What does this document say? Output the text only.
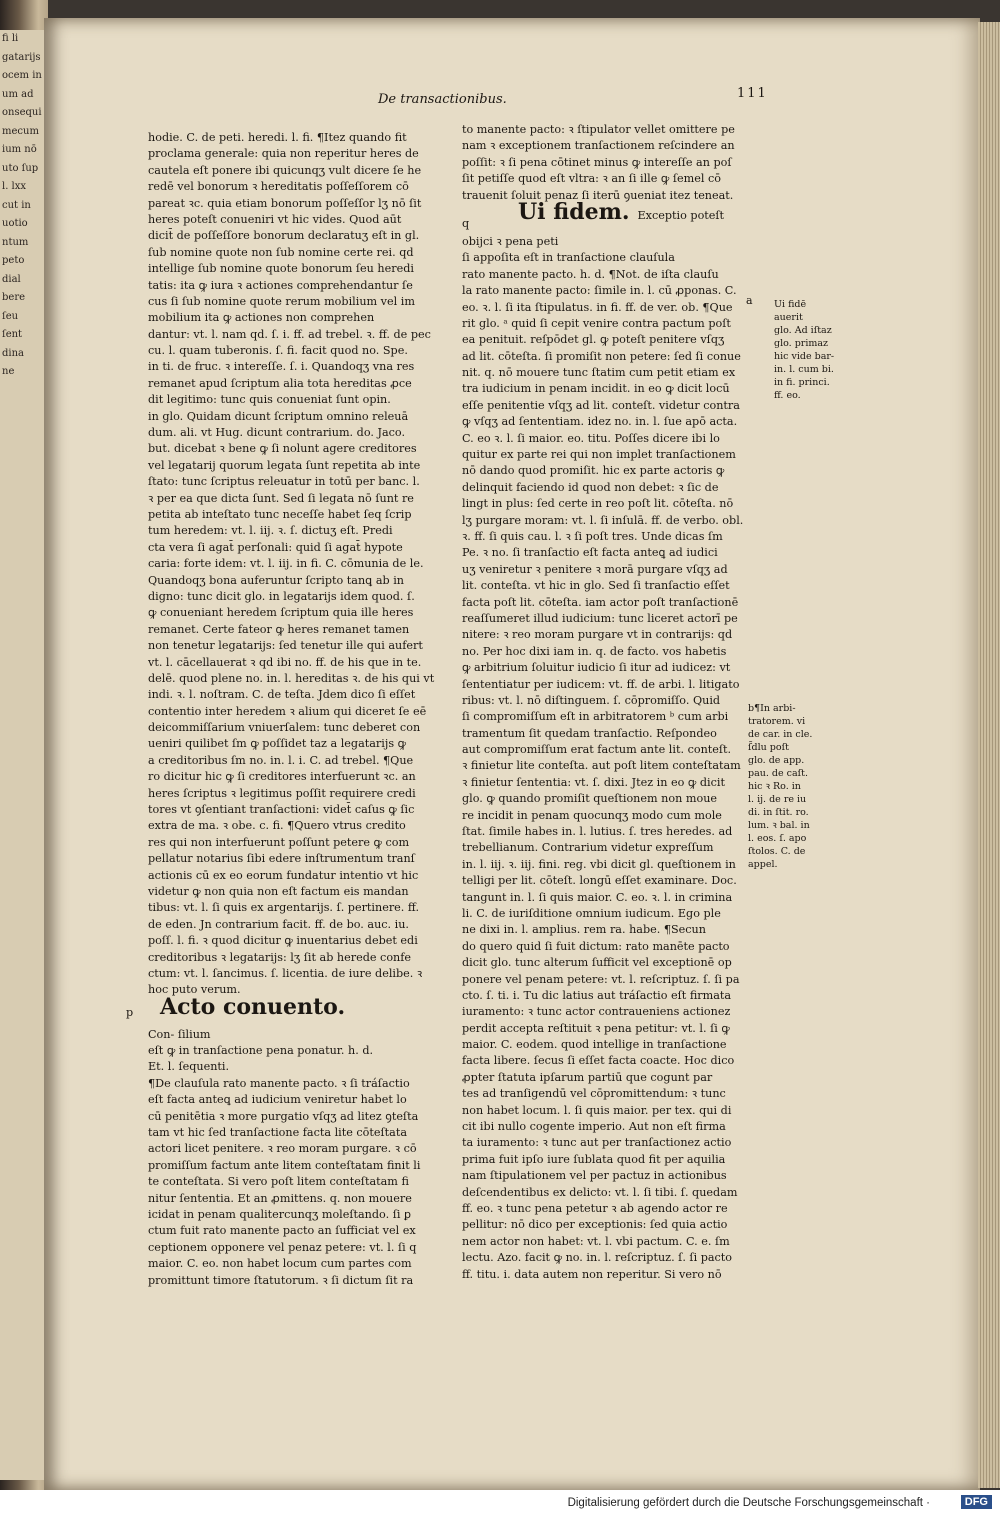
fi li
gatarijs
ocem in
um ad
onsequi
mecum
ium nō
uto ſup
l. lxx
cut in
uotio
ntum
peto
dial
bere
ſeu
ſent
dina
ne
De transactionibus.	111
hodie. C. de peti. heredi. l. fi. ¶Itez quando fit
proclama generale: quia non reperitur heres de
cautela eſt ponere ibi quicunqʒ vult dicere ſe he
redē vel bonorum ꝛ hereditatis poſſeſſorem cō
pareat ꝛc. quia etiam bonorum poſſeſſor lʒ nō ſit
heres poteſt conueniri vt hic vides. Quod aūt
dicit̄ de poſſeſſore bonorum declaratuʒ eſt in gl.
ſub nomine quote non ſub nomine certe rei. qd
intellige ſub nomine quote bonorum ſeu heredi
tatis: ita ꝙ iura ꝛ actiones comprehendantur ſe
cus ſi ſub nomine quote rerum mobilium vel im
mobilium ita ꝙ actiones non comprehen
dantur: vt. l. nam qd. ſ. i. ff. ad trebel. ꝛ. ff. de pec
cu. l. quam tuberonis. ſ. fi. facit quod no. Spe.
in ti. de fruc. ꝛ intereſſe. ſ. i. Quandoqʒ vna res
remanet apud ſcriptum alia tota hereditas ꝓce
dit legitimo: tunc quis conueniat ſunt opin.
in glo. Quidam dicunt ſcriptum omnino releuā
dum. ali. vt Hug. dicunt contrarium. do. Jaco.
but. dicebat ꝛ bene ꝙ ſi nolunt agere creditores
vel legatarij quorum legata ſunt repetita ab inte
ſtato: tunc ſcriptus releuatur in totū per banc. l.
ꝛ per ea que dicta ſunt. Sed ſi legata nō ſunt re
petita ab inteſtato tunc neceſſe habet ſeq ſcrip
tum heredem: vt. l. iij. ꝛ. ſ. dictuʒ eſt. Predi
cta vera ſi agat̄ perſonali: quid ſi agat̄ hypote
caria: forte idem: vt. l. iij. in fi. C. cōmunia de le.
Quandoqʒ bona auferuntur ſcripto tanꝗ ab in
digno: tunc dicit glo. in legatarijs idem quod. ſ.
ꝙ conueniant heredem ſcriptum quia ille heres
remanet. Certe fateor ꝙ heres remanet tamen
non tenetur legatarijs: ſed tenetur ille qui aufert
vt. l. cācellauerat ꝛ qd ibi no. ff. de his que in te.
delē. quod plene no. in. l. hereditas ꝛ. de his qui vt
indi. ꝛ. l. noſtram. C. de teſta. Jdem dico ſi eſſet
contentio inter heredem ꝛ alium qui diceret ſe eē
deicommiſſarium vniuerſalem: tunc deberet con
ueniri quilibet ſm ꝙ poſſidet taz a legatarijs ꝙ
a creditoribus ſm no. in. l. i. C. ad trebel. ¶Que
ro dicitur hic ꝙ ſi creditores interfuerunt ꝛc. an
heres ſcriptus ꝛ legitimus poſſit requirere credi
tores vt ꝯſentiant tranſactioni: videt̄ caſus ꝙ ſic
extra de ma. ꝛ obe. c. fi. ¶Quero vtrus credito
res qui non interfuerunt poſſunt petere ꝙ com
pellatur notarius ſibi edere inſtrumentum tranſ
actionis cū ex eo eorum fundatur intentio vt hic
videtur ꝙ non quia non eſt factum eis mandan
tibus: vt. l. ſi quis ex argentarijs. ſ. pertinere. ff.
de eden. Jn contrarium facit. ff. de bo. auc. iu.
poſſ. l. fi. ꝛ quod dicitur ꝙ inuentarius debet edi
creditoribus ꝛ legatarijs: lʒ ſit ab herede confe
ctum: vt. l. ſancimus. ſ. licentia. de iure delibe. ꝛ
hoc puto verum.
p Acto conuento.
Con- ſilium
eſt ꝙ in tranſactione pena ponatur. h. d.
Et. l. ſequenti.
¶De clauſula rato manente pacto. ꝛ ſi tráſactio
eſt facta anteꝗ ad iudicium veniretur habet lo
cū penitētia ꝛ more purgatio vſqʒ ad litez ꝯteſta
tam vt hic ſed tranſactione facta lite cōteſtata
actori licet penitere. ꝛ reo moram purgare. ꝛ cō
promiſſum factum ante litem conteſtatam finit li
te conteſtata. Si vero poſt litem conteſtatam fi
nitur ſententia. Et an ꝓmittens. q. non mouere
icidat in penam qualitercunqʒ moleſtando. ſi ꝑ
ctum fuit rato manente pacto an ſufficiat vel ex
ceptionem opponere vel penaz petere: vt. l. ſi q
maior. C. eo. non habet locum cum partes com
promittunt timore ſtatutorum. ꝛ ſi dictum ſit ra
to manente pacto: ꝛ ſtipulator vellet omittere pe
nam ꝛ exceptionem tranſactionem reſcindere an
poſſit: ꝛ ſi pena cōtinet minus ꝙ intereſſe an poſ
ſit petiſſe quod eſt vltra: ꝛ an ſi ille ꝙ ſemel cō
trauenit ſoluit penaz ſi iterū ꝯueniat itez teneat.
q Ui fidem. Exceptio poteſt
obijci ꝛ pena peti
ſi appoſita eſt in tranſactione clauſula
rato manente pacto. h. d. ¶Not. de iſta clauſu
la rato manente pacto: ſimile in. l. cū ꝓponas. C.
eo. ꝛ. l. ſi ita ſtipulatus. in fi. ff. de ver. ob. ¶Que
rit glo. ᵃ quid ſi cepit venire contra pactum poſt
ea penituit. reſpōdet gl. ꝙ poteſt penitere vſqʒ
ad lit. cōteſta. ſi promiſit non petere: ſed ſi conue
nit. q. nō mouere tunc ſtatim cum petit etiam ex
tra iudicium in penam incidit. in eo ꝙ dicit locū
eſſe penitentie vſqʒ ad lit. conteſt. videtur contra
ꝙ vſqʒ ad ſententiam. idez no. in. l. ſue apō acta.
C. eo ꝛ. l. ſi maior. eo. titu. Poſſes dicere ibi lo
quitur ex parte rei qui non implet tranſactionem
nō dando quod promiſit. hic ex parte actoris ꝙ
delinquit faciendo id quod non debet: ꝛ ſic de
lingt in plus: ſed certe in reo poſt lit. cōteſta. nō
lʒ purgare moram: vt. l. ſi inſulā. ff. de verbo. obl.
ꝛ. ff. ſi quis cau. l. ꝛ ſi poſt tres. Unde dicas ſm
Pe. ꝛ no. ſi tranſactio eſt facta anteꝗ ad iudici
uʒ veniretur ꝛ penitere ꝛ morā purgare vſqʒ ad
lit. conteſta. vt hic in glo. Sed ſi tranſactio eſſet
facta poſt lit. cōteſta. iam actor poſt tranſactionē
reaſſumeret illud iudicium: tunc liceret actorī pe
nitere: ꝛ reo moram purgare vt in contrarijs: qd
no. Per hoc dixi iam in. q. de facto. vos habetis
ꝙ arbitrium ſoluitur iudicio ſi itur ad iudicez: vt
ſententiatur per iudicem: vt. ff. de arbi. l. litigato
ribus: vt. l. nō diſtinguem. ſ. cōpromiſſo. Quid
ſi compromiſſum eſt in arbitratorem ᵇ cum arbi
tramentum ſit quedam tranſactio. Reſpondeo
aut compromiſſum erat factum ante lit. conteſt.
ꝛ finietur lite conteſta. aut poſt litem conteſtatam
ꝛ finietur ſententia: vt. ſ. dixi. Jtez in eo ꝙ dicit
glo. ꝙ quando promiſit queſtionem non moue
re incidit in penam quocunqʒ modo cum mole
ſtat. ſimile habes in. l. lutius. ſ. tres heredes. ad
trebellianum. Contrarium videtur expreſſum
in. l. iij. ꝛ. iij. fini. reg. vbi dicit gl. queſtionem in
telligi per lit. cōteſt. longū eſſet examinare. Doc.
tangunt in. l. ſi quis maior. C. eo. ꝛ. l. in crimina
li. C. de iuriſditione omnium iudicum. Ego ple
ne dixi in. l. amplius. rem ra. habe. ¶Secun
do quero quid ſi fuit dictum: rato manēte pacto
dicit glo. tunc alterum ſufficit vel exceptionē op
ponere vel penam petere: vt. l. reſcriptuz. ſ. ſi pa
cto. ſ. ti. i. Tu dic latius aut tráſactio eſt firmata
iuramento: ꝛ tunc actor contraueniens actionez
perdit accepta reſtituit ꝛ pena petitur: vt. l. ſi ꝙ
maior. C. eodem. quod intellige in tranſactione
facta libere. ſecus ſi eſſet facta coacte. Hoc dico
ꝓpter ſtatuta ipſarum partiū que cogunt par
tes ad tranſigendū vel cōpromittendum: ꝛ tunc
non habet locum. l. ſi quis maior. per tex. qui di
cit ibi nullo cogente imperio. Aut non eſt firma
ta iuramento: ꝛ tunc aut per tranſactionez actio
prima fuit ipſo iure ſublata quod fit per aquilia
nam ſtipulationem vel per pactuz in actionibus
deſcendentibus ex delicto: vt. l. ſi tibi. ſ. quedam
ff. eo. ꝛ tunc pena petetur ꝛ ab agendo actor re
pellitur: nō dico per exceptionis: ſed quia actio
nem actor non habet: vt. l. vbi pactum. C. e. ſm
lectu. Azo. facit ꝙ no. in. l. reſcriptuz. ſ. ſi pacto
ff. titu. i. data autem non reperitur. Si vero nō
Ui fidē
auerit
glo. Ad iſtaz
glo. primaz
hic vide bar-
in. l. cum bi.
in fi. princi.
ff. eo.
a
b¶In arbi-
tratorem. vi
de car. in cle.
ſ̃dlu poſt
glo. de app.
pau. de caſt.
hic ꝛ Ro. in
l. ij. de re iu
di. in ſtit. ro.
lum. ꝛ bal. in
l. eos. ſ. apo
ſtolos. C. de
appel.
Digitalisierung gefördert durch die Deutsche Forschungsgemeinschaft ·	DFG
